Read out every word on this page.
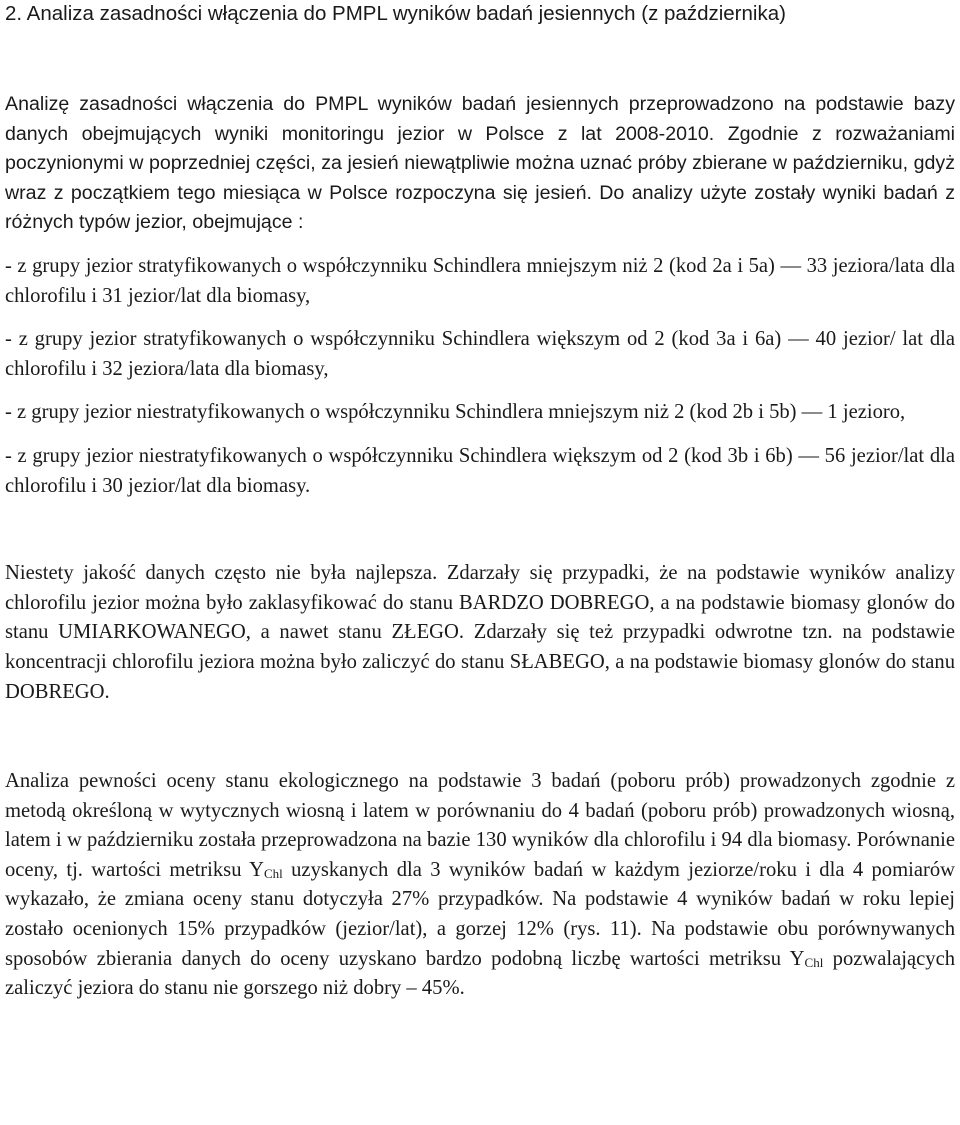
2. Analiza zasadności włączenia do PMPL wyników badań jesiennych (z października)

Analizę zasadności włączenia do PMPL wyników badań jesiennych przeprowadzono na podstawie bazy danych obejmujących wyniki monitoringu jezior w Polsce z lat 2008-2010. Zgodnie z rozważaniami poczynionymi w poprzedniej części, za jesień niewątpliwie można uznać próby zbierane w październiku, gdyż wraz z początkiem tego miesiąca w Polsce rozpoczyna się jesień. Do analizy użyte zostały wyniki badań z różnych typów jezior, obejmujące :

- z grupy jezior stratyfikowanych o współczynniku Schindlera mniejszym niż 2 (kod 2a i 5a) — 33 jeziora/lata dla chlorofilu i 31 jezior/lat dla biomasy,

- z grupy jezior stratyfikowanych o współczynniku Schindlera większym od 2 (kod 3a i 6a) — 40 jezior/ lat dla chlorofilu i 32 jeziora/lata dla biomasy,

- z grupy jezior niestratyfikowanych o współczynniku Schindlera mniejszym niż 2 (kod 2b i 5b) — 1 jezioro,

- z grupy jezior niestratyfikowanych o współczynniku Schindlera większym od 2 (kod 3b i 6b) — 56 jezior/lat dla chlorofilu i 30 jezior/lat dla biomasy.

Niestety jakość danych często nie była najlepsza. Zdarzały się przypadki, że na podstawie wyników analizy chlorofilu jezior można było zaklasyfikować do stanu BARDZO DOBREGO, a na podstawie biomasy glonów do stanu UMIARKOWANEGO, a nawet stanu ZŁEGO. Zdarzały się też przypadki odwrotne tzn. na podstawie koncentracji chlorofilu jeziora można było zaliczyć do stanu SŁABEGO, a na podstawie biomasy glonów do stanu DOBREGO.

Analiza pewności oceny stanu ekologicznego na podstawie 3 badań (poboru prób) prowadzonych zgodnie z metodą określoną w wytycznych wiosną i latem w porównaniu do 4 badań (poboru prób) prowadzonych wiosną, latem i w październiku została przeprowadzona na bazie 130 wyników dla chlorofilu i 94 dla biomasy. Porównanie oceny, tj. wartości metriksu $Y_{Chl}$ uzyskanych dla 3 wyników badań w każdym jeziorze/roku i dla 4 pomiarów wykazało, że zmiana oceny stanu dotyczyła 27% przypadków. Na podstawie 4 wyników badań w roku lepiej zostało ocenionych 15% przypadków (jezior/lat), a gorzej 12% (rys. 11). Na podstawie obu porównywanych sposobów zbierania danych do oceny uzyskano bardzo podobną liczbę wartości metriksu $Y_{Chl}$ pozwalających zaliczyć jeziora do stanu nie gorszego niż dobry – 45%.
